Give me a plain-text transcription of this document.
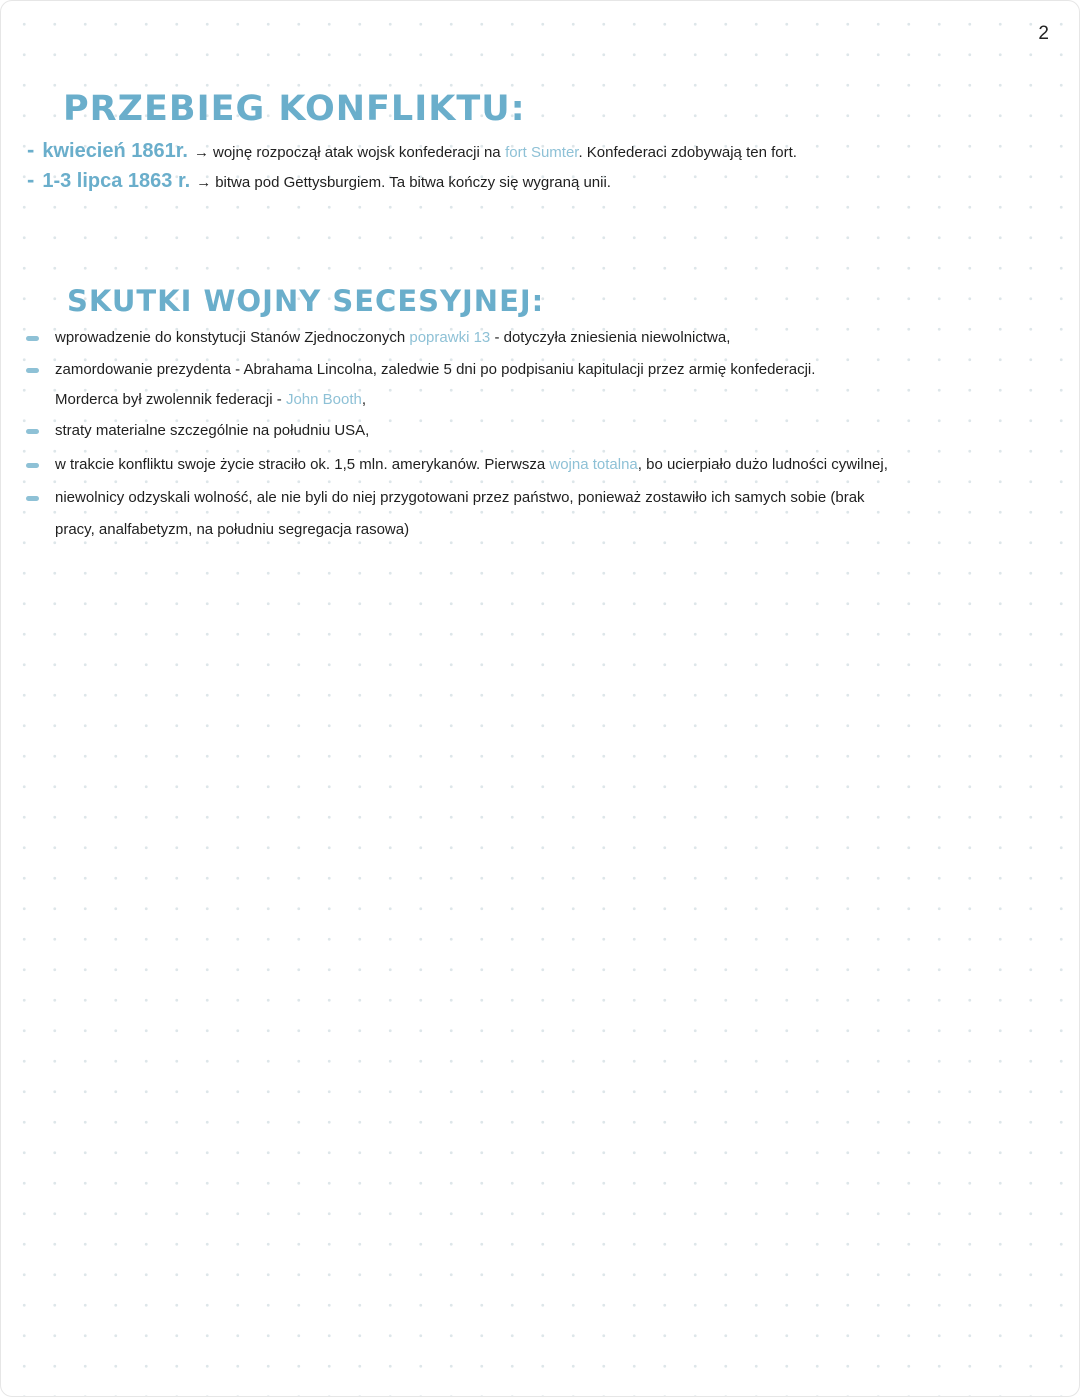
2
PRZEBIEG KONFLIKTU:
- kwiecień 1861r. → wojnę rozpoczął atak wojsk konfederacji na fort Sumter. Konfederaci zdobywają ten fort.
- 1-3 lipca 1863 r. → bitwa pod Gettysburgiem. Ta bitwa kończy się wygraną unii.
SKUTKI WOJNY SECESYJNEJ:
wprowadzenie do konstytucji Stanów Zjednoczonych poprawki 13 - dotyczyła zniesienia niewolnictwa,
zamordowanie prezydenta - Abrahama Lincolna, zaledwie 5 dni po podpisaniu kapitulacji przez armię konfederacji.
Morderca był zwolennik federacji - John Booth,
straty materialne szczególnie na południu USA,
w trakcie konfliktu swoje życie straciło ok. 1,5 mln. amerykanów. Pierwsza wojna totalna, bo ucierpiało dużo ludności cywilnej,
niewolnicy odzyskali wolność, ale nie byli do niej przygotowani przez państwo, ponieważ zostawiło ich samych sobie (brak
pracy, analfabetyzm, na południu segregacja rasowa)
